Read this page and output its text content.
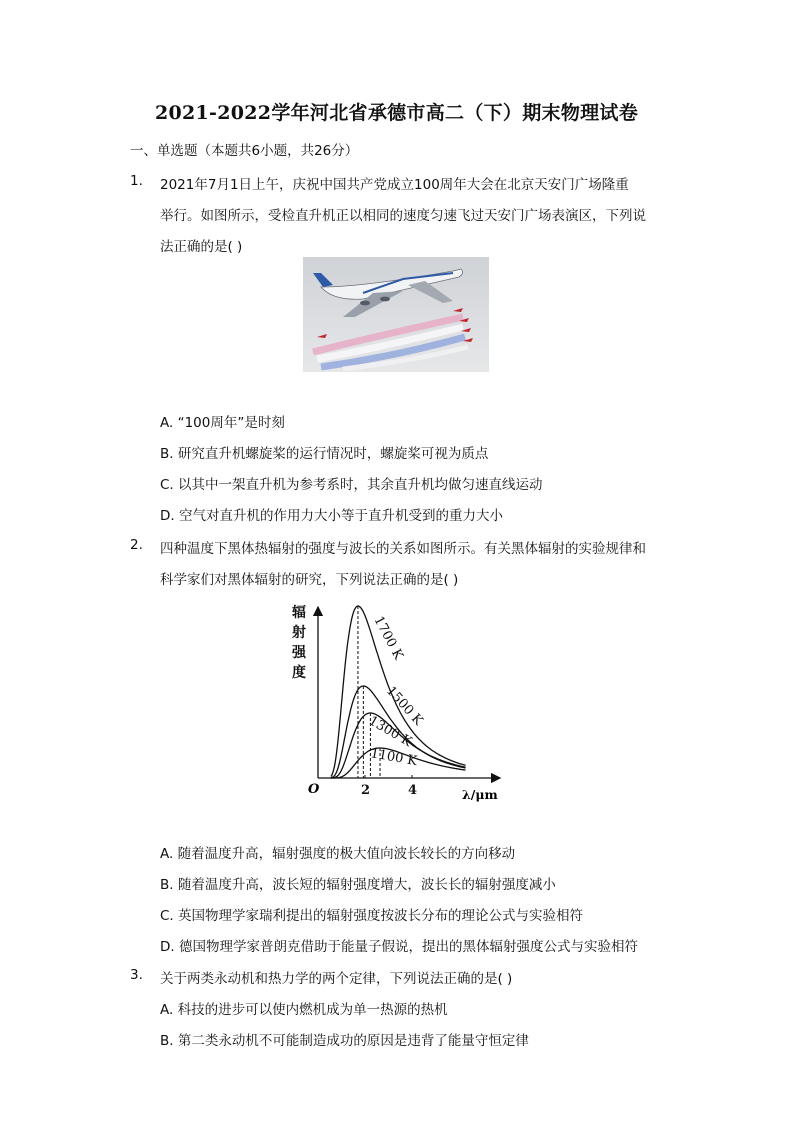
2021-2022学年河北省承德市高二（下）期末物理试卷
一、单选题（本题共6小题，共26分）
1. 2021年7月1日上午，庆祝中国共产党成立100周年大会在北京天安门广场隆重
举行。如图所示，受检直升机正以相同的速度匀速飞过天安门广场表演区，下列说
法正确的是( )
A. “100周年”是时刻
B. 研究直升机螺旋桨的运行情况时，螺旋桨可视为质点
C. 以其中一架直升机为参考系时，其余直升机均做匀速直线运动
D. 空气对直升机的作用力大小等于直升机受到的重力大小
2. 四种温度下黑体热辐射的强度与波长的关系如图所示。有关黑体辐射的实验规律和
科学家们对黑体辐射的研究，下列说法正确的是( )
辐
射
强
度
2	4
1700 K
1500 K
1300 K
1100 K
O	λ/μm
A. 随着温度升高，辐射强度的极大值向波长较长的方向移动
B. 随着温度升高，波长短的辐射强度增大，波长长的辐射强度减小
C. 英国物理学家瑞利提出的辐射强度按波长分布的理论公式与实验相符
D. 德国物理学家普朗克借助于能量子假说，提出的黑体辐射强度公式与实验相符
3. 关于两类永动机和热力学的两个定律，下列说法正确的是( )
A. 科技的进步可以使内燃机成为单一热源的热机
B. 第二类永动机不可能制造成功的原因是违背了能量守恒定律
